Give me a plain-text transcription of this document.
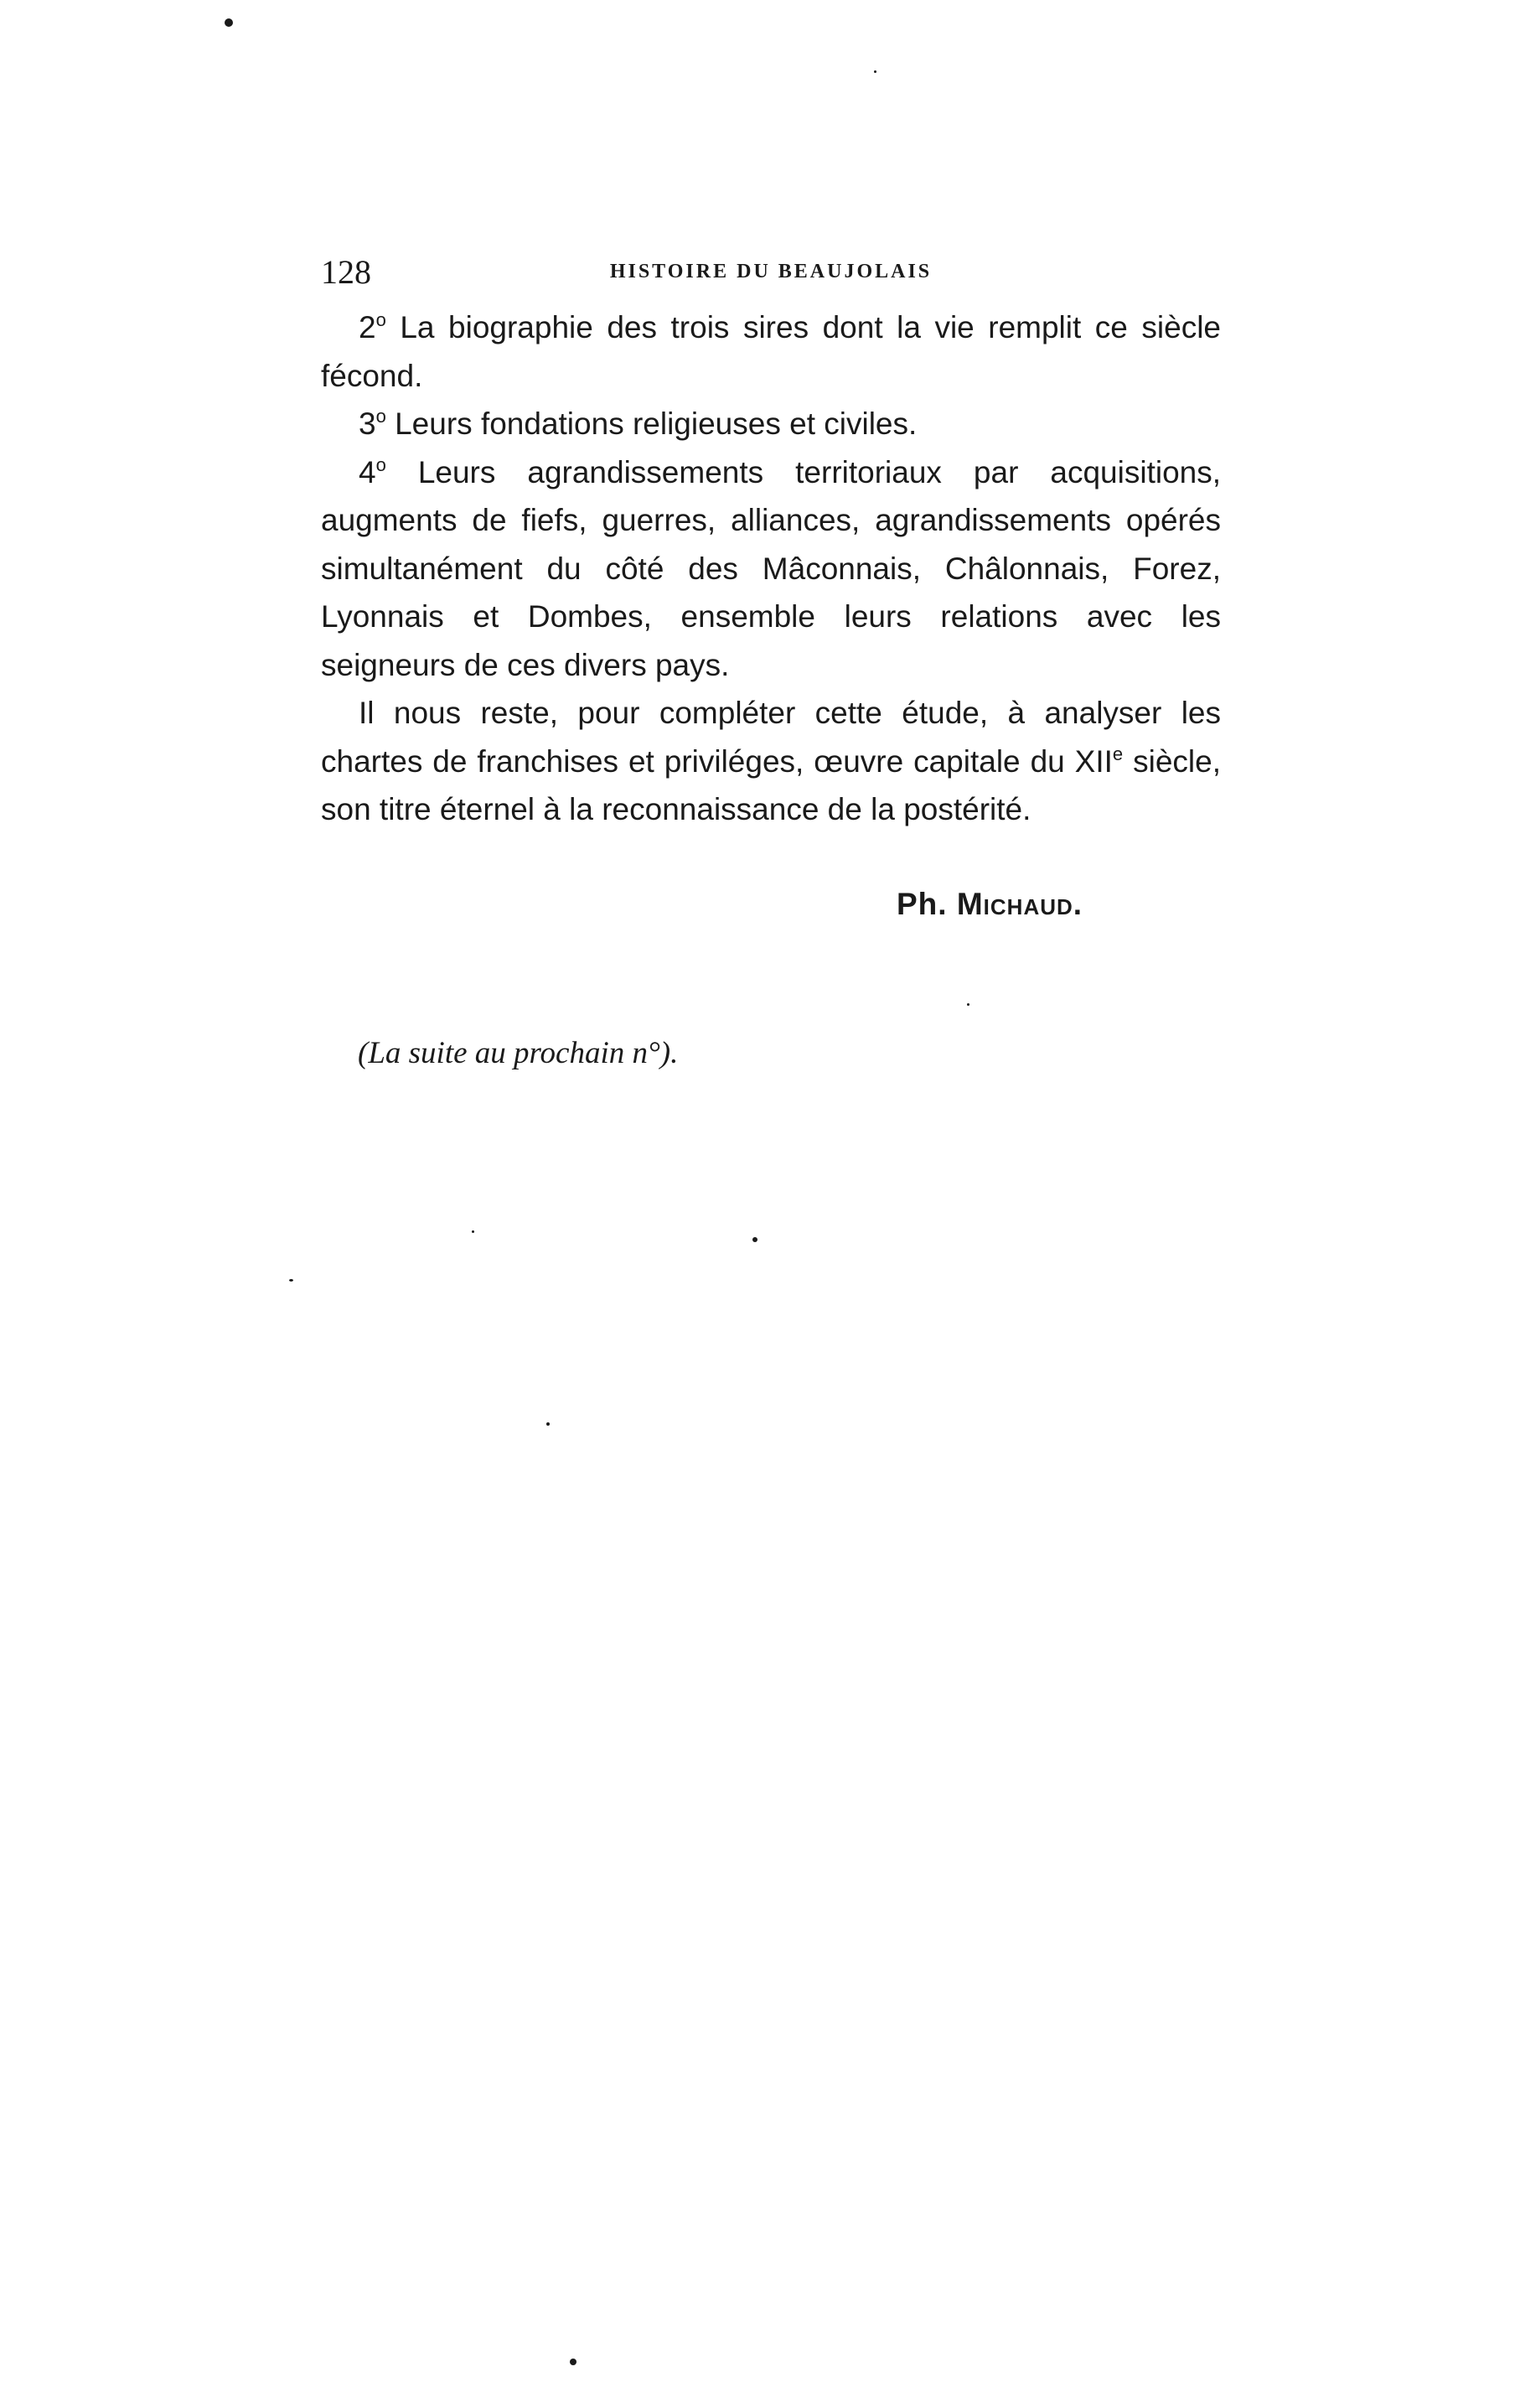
128	HISTOIRE DU BEAUJOLAIS

2$^o$ La biographie des trois sires dont la vie remplit ce siècle fécond.

3$^o$ Leurs fondations religieuses et civiles.

4$^o$ Leurs agrandissements territoriaux par acquisitions, augments de fiefs, guerres, alliances, agrandissements opérés simultanément du côté des Mâconnais, Châlonnais, Forez, Lyonnais et Dombes, ensemble leurs relations avec les seigneurs de ces divers pays.

Il nous reste, pour compléter cette étude, à analyser les chartes de franchises et priviléges, œuvre capitale du XIIe siècle, son titre éternel à la reconnaissance de la postérité.

Ph. Michaud.
(La suite au prochain n°).
